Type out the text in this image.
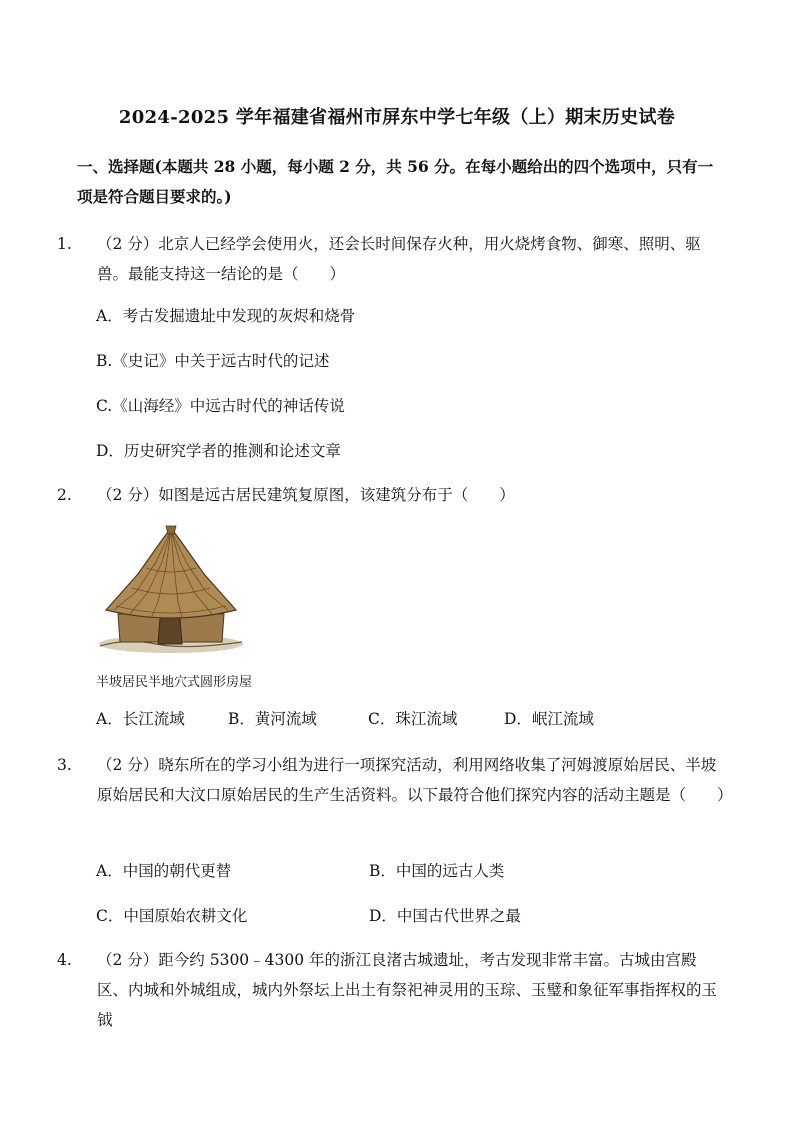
2024-2025 学年福建省福州市屏东中学七年级（上）期末历史试卷
一、选择题(本题共 28 小题，每小题 2 分，共 56 分。在每小题给出的四个选项中，只有一项是符合题目要求的。)
1. （2 分）北京人已经学会使用火，还会长时间保存火种，用火烧烤食物、御寒、照明、驱兽。最能支持这一结论的是（　　）
A．考古发掘遗址中发现的灰烬和烧骨
B.《史记》中关于远古时代的记述
C.《山海经》中远古时代的神话传说
D．历史研究学者的推测和论述文章
2. （2 分）如图是远古居民建筑复原图，该建筑分布于（　　）
半坡居民半地穴式圆形房屋
A．长江流域	B．黄河流域	C．珠江流域	D．岷江流域
3. （2 分）晓东所在的学习小组为进行一项探究活动，利用网络收集了河姆渡原始居民、半坡原始居民和大汶口原始居民的生产生活资料。以下最符合他们探究内容的活动主题是（　　）
A．中国的朝代更替	B．中国的远古人类
C．中国原始农耕文化	D．中国古代世界之最
4. （2 分）距今约 5300﹣4300 年的浙江良渚古城遗址，考古发现非常丰富。古城由宫殿区、内城和外城组成，城内外祭坛上出土有祭祀神灵用的玉琮、玉璧和象征军事指挥权的玉钺
